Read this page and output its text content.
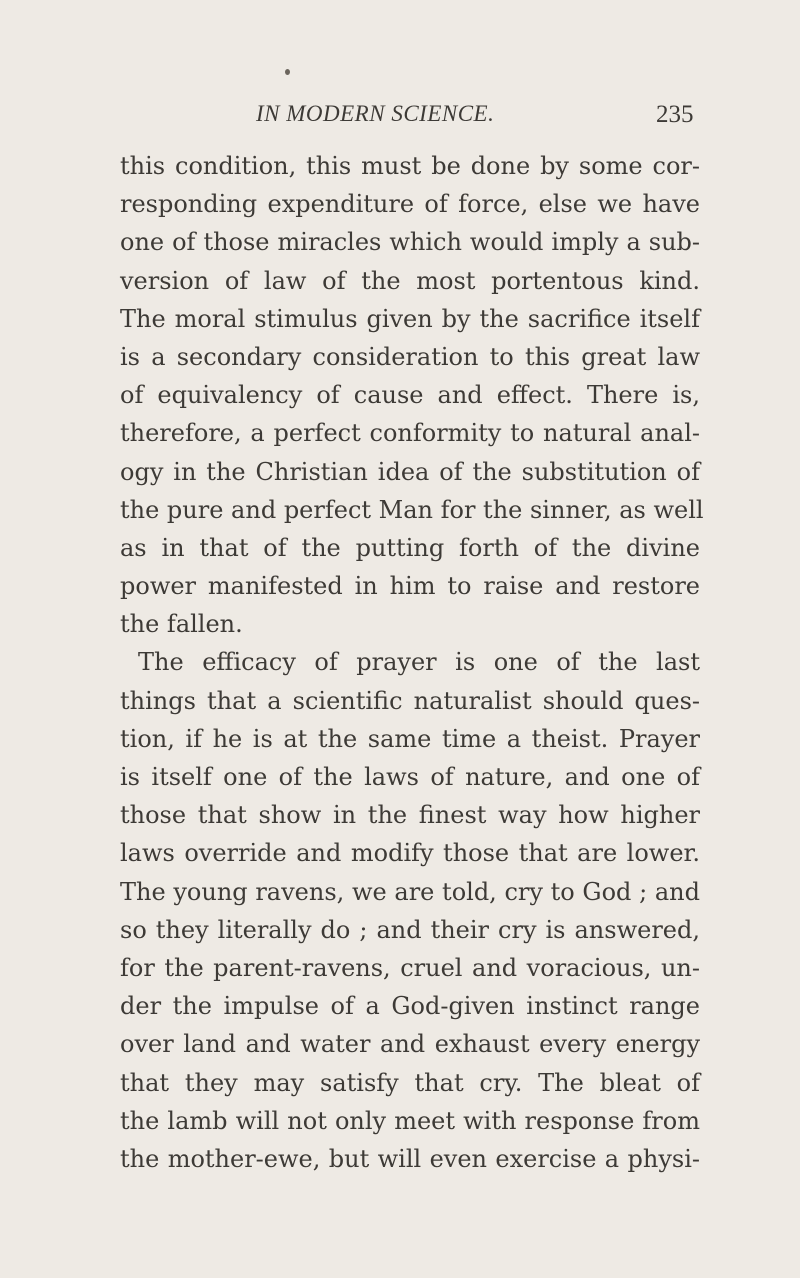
IN MODERN SCIENCE.	235
this condition, this must be done by some cor-
responding expenditure of force, else we have
one of those miracles which would imply a sub-
version of law of the most portentous kind.
The moral stimulus given by the sacrifice itself
is a secondary consideration to this great law
of equivalency of cause and effect. There is,
therefore, a perfect conformity to natural anal-
ogy in the Christian idea of the substitution of
the pure and perfect Man for the sinner, as well
as in that of the putting forth of the divine
power manifested in him to raise and restore
the fallen.
The efficacy of prayer is one of the last
things that a scientific naturalist should ques-
tion, if he is at the same time a theist. Prayer
is itself one of the laws of nature, and one of
those that show in the finest way how higher
laws override and modify those that are lower.
The young ravens, we are told, cry to God ; and
so they literally do ; and their cry is answered,
for the parent-ravens, cruel and voracious, un-
der the impulse of a God-given instinct range
over land and water and exhaust every energy
that they may satisfy that cry. The bleat of
the lamb will not only meet with response from
the mother-ewe, but will even exercise a physi-
